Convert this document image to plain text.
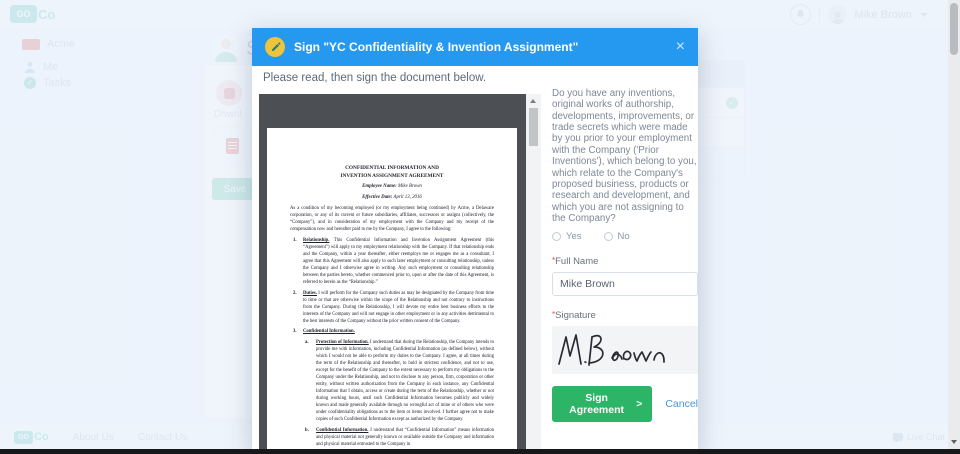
Sign "YC Confidentiality & Invention Assignment"	×
Please read, then sign the document below.
CONFIDENTIAL INFORMATION AND
INVENTION ASSIGNMENT AGREEMENT
Employee Name: Mike Brown
Effective Date: April 13, 2016

As a condition of my becoming employed (or my employment being continued) by Acme, a Delaware corporation, or any of its current or future subsidiaries, affiliates, successors or assigns (collectively, the “Company”), and in consideration of my employment with the Company and my receipt of the compensation now and hereafter paid to me by the Company, I agree to the following:

1. Relationship. This Confidential Information and Invention Assignment Agreement (this “Agreement”) will apply to my employment relationship with the Company. If that relationship ends and the Company, within a year thereafter, either reemploys me or engages me as a consultant, I agree that this Agreement will also apply to such later employment or consulting relationship, unless the Company and I otherwise agree in writing. Any such employment or consulting relationship between the parties hereto, whether commenced prior to, upon or after the date of this Agreement, is referred to herein as the “Relationship.”
2. Duties. I will perform for the Company such duties as may be designated by the Company from time to time or that are otherwise within the scope of the Relationship and not contrary to instructions from the Company. During the Relationship, I will devote my entire best business efforts to the interests of the Company and will not engage in other employment or in any activities detrimental to the best interests of the Company without the prior written consent of the Company.
3. Confidential Information.
a. Protection of Information. I understand that during the Relationship, the Company intends to provide me with information, including Confidential Information (as defined below), without which I would not be able to perform my duties to the Company. I agree, at all times during the term of the Relationship and thereafter, to hold in strictest confidence, and not to use, except for the benefit of the Company to the extent necessary to perform my obligations to the Company under the Relationship, and not to disclose to any person, firm, corporation or other entity, without written authorization from the Company in each instance, any Confidential Information that I obtain, access or create during the term of the Relationship, whether or not during working hours, until such Confidential Information becomes publicly and widely known and made generally available through no wrongful act of mine or of others who were under confidentiality obligations as to the item or items involved. I further agree not to make copies of such Confidential Information except as authorized by the Company.
b. Confidential Information. I understand that “Confidential Information” means information and physical material not generally known or available outside the Company and information and physical material entrusted to the Company in
Do you have any inventions, original works of authorship, developments, improvements, or trade secrets which were made by you prior to your employment with the Company ('Prior Inventions'), which belong to you, which relate to the Company's proposed business, products or research and development, and which you are not assigning to the Company?
Yes	No
*Full Name
Mike Brown
*Signature
Sign Agreement	> Cancel
